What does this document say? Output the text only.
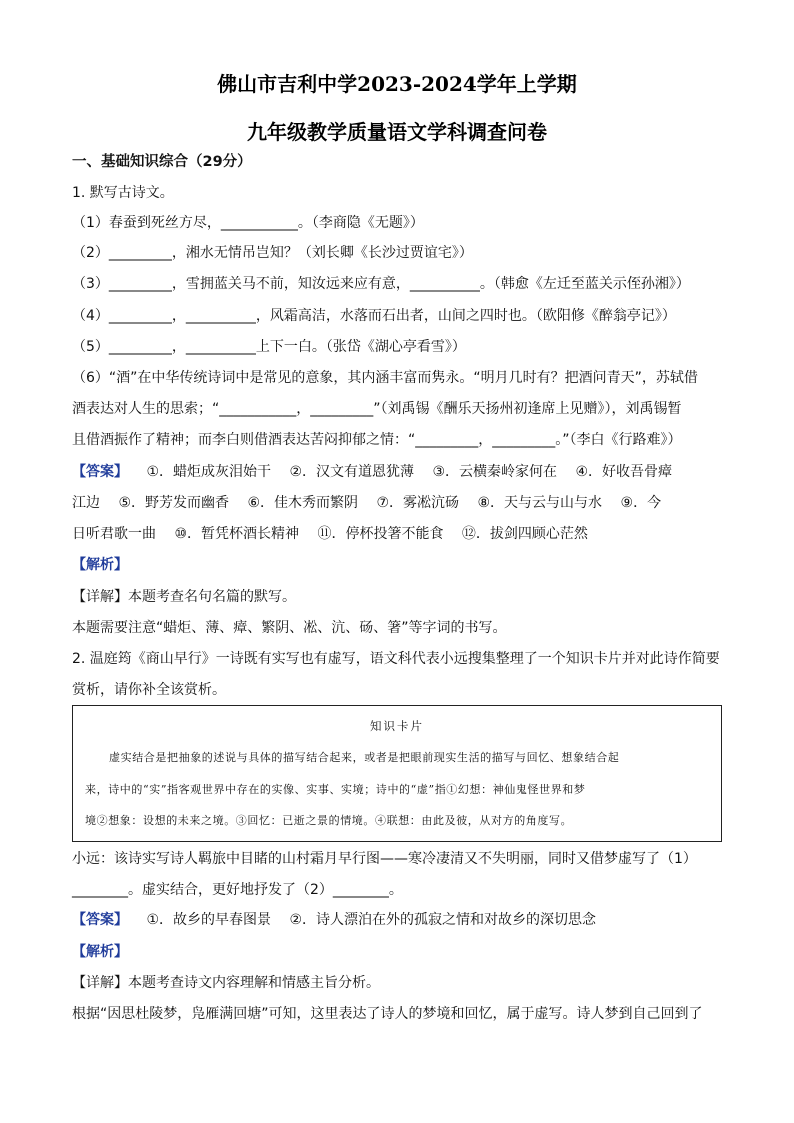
佛山市吉利中学2023-2024学年上学期
九年级教学质量语文学科调查问卷
一、基础知识综合（29分）
1. 默写古诗文。
（1）春蚕到死丝方尽，___________。（李商隐《无题》）
（2）_________，湘水无情吊岂知？（刘长卿《长沙过贾谊宅》）
（3）_________，雪拥蓝关马不前，知汝远来应有意，__________。（韩愈《左迁至蓝关示侄孙湘》）
（4）_________，__________，风霜高洁，水落而石出者，山间之四时也。（欧阳修《醉翁亭记》）
（5）_________，__________上下一白。（张岱《湖心亭看雪》）
（6）“酒”在中华传统诗词中是常见的意象，其内涵丰富而隽永。“明月几时有？把酒问青天”，苏轼借
酒表达对人生的思索；“___________，_________”（刘禹锡《酬乐天扬州初逢席上见赠》），刘禹锡暂
且借酒振作了精神；而李白则借酒表达苦闷抑郁之情：“_________，_________。”（李白《行路难》）
【答案】 ①．蜡炬成灰泪始干 ②．汉文有道恩犹薄 ③．云横秦岭家何在 ④．好收吾骨瘴
江边 ⑤．野芳发而幽香 ⑥．佳木秀而繁阴 ⑦．雾凇沆砀 ⑧．天与云与山与水 ⑨．今
日听君歌一曲 ⑩．暂凭杯酒长精神 ⑪．停杯投箸不能食 ⑫．拔剑四顾心茫然
【解析】
【详解】本题考查名句名篇的默写。
本题需要注意“蜡炬、薄、瘴、繁阴、凇、沆、砀、箸”等字词的书写。
2. 温庭筠《商山早行》一诗既有实写也有虚写，语文科代表小远搜集整理了一个知识卡片并对此诗作简要
赏析，请你补全该赏析。
知识卡片
虚实结合是把抽象的述说与具体的描写结合起来，或者是把眼前现实生活的描写与回忆、想象结合起
来，诗中的“实”指客观世界中存在的实像、实事、实境；诗中的“虚”指①幻想：神仙鬼怪世界和梦
境②想象：设想的未来之境。③回忆：已逝之景的情境。④联想：由此及彼，从对方的角度写。
小远：该诗实写诗人羁旅中目睹的山村霜月早行图——寒冷凄清又不失明丽，同时又借梦虚写了（1）
________。虚实结合，更好地抒发了（2）________。
【答案】 ①．故乡的早春图景 ②．诗人漂泊在外的孤寂之情和对故乡的深切思念
【解析】
【详解】本题考查诗文内容理解和情感主旨分析。
根据“因思杜陵梦，凫雁满回塘”可知，这里表达了诗人的梦境和回忆，属于虚写。诗人梦到自己回到了
